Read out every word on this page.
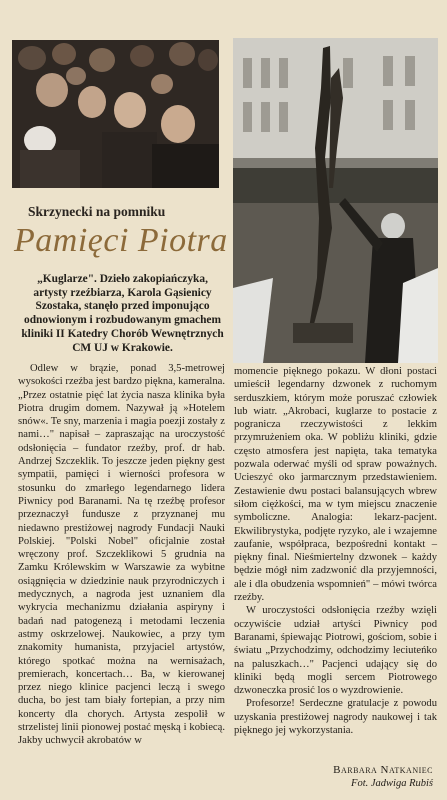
Skrzynecki na pomniku
Pamięci Piotra
„Kuglarze". Dzieło zakopiańczyka, artysty rzeźbiarza, Karola Gąsienicy Szostaka, stanęło przed imponująco odnowionym i rozbudowanym gmachem kliniki II Katedry Chorób Wewnętrznych CM UJ w Krakowie.

Odlew w brązie, ponad 3,5-metrowej wysokości rzeźba jest bardzo piękna, kameralna. „Przez ostatnie pięć lat życia nasza klinika była Piotra drugim domem. Nazywał ją »Hotelem snów«. Te sny, marzenia i magia poezji zostały z nami…" napisał – zapraszając na uroczystość odsłonięcia – fundator rzeźby, prof. dr hab. Andrzej Szczeklik. To jeszcze jeden piękny gest sympatii, pamięci i wierności profesora w stosunku do zmarłego legendarnego lidera Piwnicy pod Baranami. Na tę rzeźbę profesor przeznaczył fundusze z przyznanej mu niedawno prestiżowej nagrody Fundacji Nauki Polskiej. "Polski Nobel" oficjalnie został wręczony prof. Szczeklikowi 5 grudnia na Zamku Królewskim w Warszawie za wybitne osiągnięcia w dziedzinie nauk przyrodniczych i medycznych, a nagroda jest uznaniem dla wykrycia mechanizmu działania aspiryny i badań nad patogenezą i metodami leczenia astmy oskrzelowej. Naukowiec, a przy tym znakomity humanista, przyjaciel artystów, którego spotkać można na wernisażach, premierach, koncertach… Ba, w kierowanej przez niego klinice pacjenci leczą i swego ducha, bo jest tam biały fortepian, a przy nim koncerty dla chorych. Artysta zespolił w strzelistej linii pionowej postać męską i kobiecą. Jakby uchwycił akrobatów w

momencie pięknego pokazu. W dłoni postaci umieścił legendarny dzwonek z ruchomym serduszkiem, którym może poruszać człowiek lub wiatr. „Akrobaci, kuglarze to postacie z pogranicza rzeczywistości z lekkim przymrużeniem oka. W pobliżu kliniki, gdzie często atmosfera jest napięta, taka tematyka pozwala oderwać myśli od spraw poważnych. Ucieszyć oko jarmarcznym przedstawieniem. Zestawienie dwu postaci balansujących wbrew siłom ciężkości, ma w tym miejscu znaczenie symboliczne. Analogia: lekarz-pacjent. Ekwilibrystyka, podjęte ryzyko, ale i wzajemne zaufanie, współpraca, bezpośredni kontakt – piękny final. Nieśmiertelny dzwonek – każdy będzie mógł nim zadzwonić dla przyjemności, ale i dla obudzenia wspomnień" – mówi twórca rzeźby.

W uroczystości odsłonięcia rzeźby wzięli oczywiście udział artyści Piwnicy pod Baranami, śpiewając Piotrowi, gościom, sobie i światu „Przychodzimy, odchodzimy leciuteńko na paluszkach…" Pacjenci udający się do kliniki będą mogli sercem Piotrowego dzwoneczka prosić los o wyzdrowienie.

Profesorze! Serdeczne gratulacje z powodu uzyskania prestiżowej nagrody naukowej i tak pięknego jej wykorzystania.

Barbara Natkaniec
Fot. Jadwiga Rubiś
